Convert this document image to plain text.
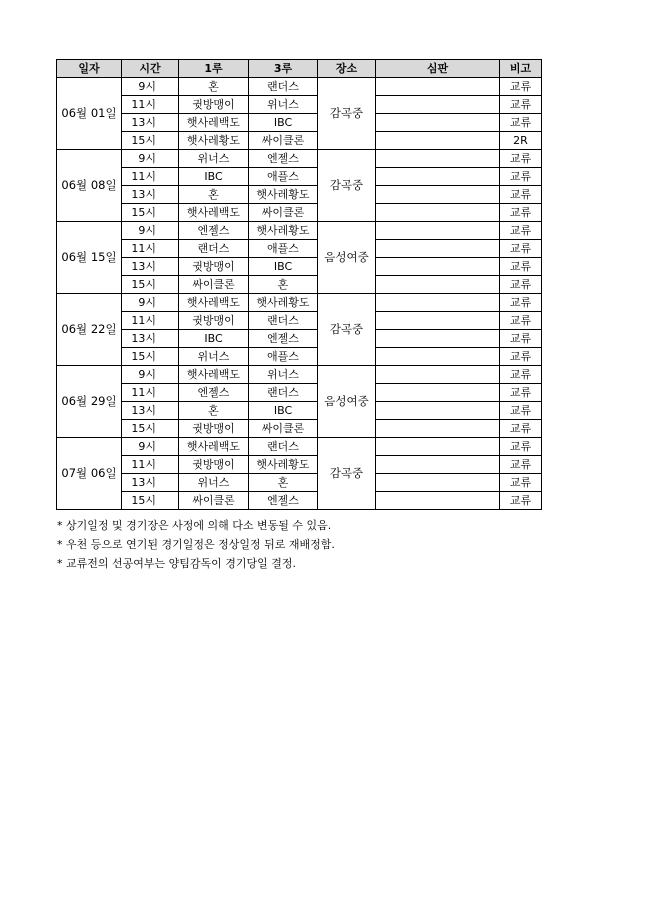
일자	시간	1루	3루	장소	심판	비고
06월 01일	9시	혼	랜더스	감곡중		교류
	11시	귓방맹이	위너스			교류
	13시	햇사레백도	IBC			교류
	15시	햇사레황도	싸이클론			2R
06월 08일	9시	위너스	엔젤스	감곡중		교류
	11시	IBC	애플스			교류
	13시	혼	햇사레황도			교류
	15시	햇사레백도	싸이클론			교류
06월 15일	9시	엔젤스	햇사레황도	음성여중		교류
	11시	랜더스	애플스			교류
	13시	귓방맹이	IBC			교류
	15시	싸이클론	혼			교류
06월 22일	9시	햇사레백도	햇사레황도	감곡중		교류
	11시	귓방맹이	랜더스			교류
	13시	IBC	엔젤스			교류
	15시	위너스	애플스			교류
06월 29일	9시	햇사레백도	위너스	음성여중		교류
	11시	엔젤스	랜더스			교류
	13시	혼	IBC			교류
	15시	귓방맹이	싸이클론			교류
07월 06일	9시	햇사레백도	랜더스	감곡중		교류
	11시	귓방맹이	햇사레황도			교류
	13시	위너스	혼			교류
	15시	싸이클론	엔젤스			교류

* 상기일정 및 경기장은 사정에 의해 다소 변동될 수 있음.

* 우천 등으로 연기된 경기일정은 정상일정 뒤로 재배정함.

* 교류전의 선공여부는 양팀감독이 경기당일 결정.
